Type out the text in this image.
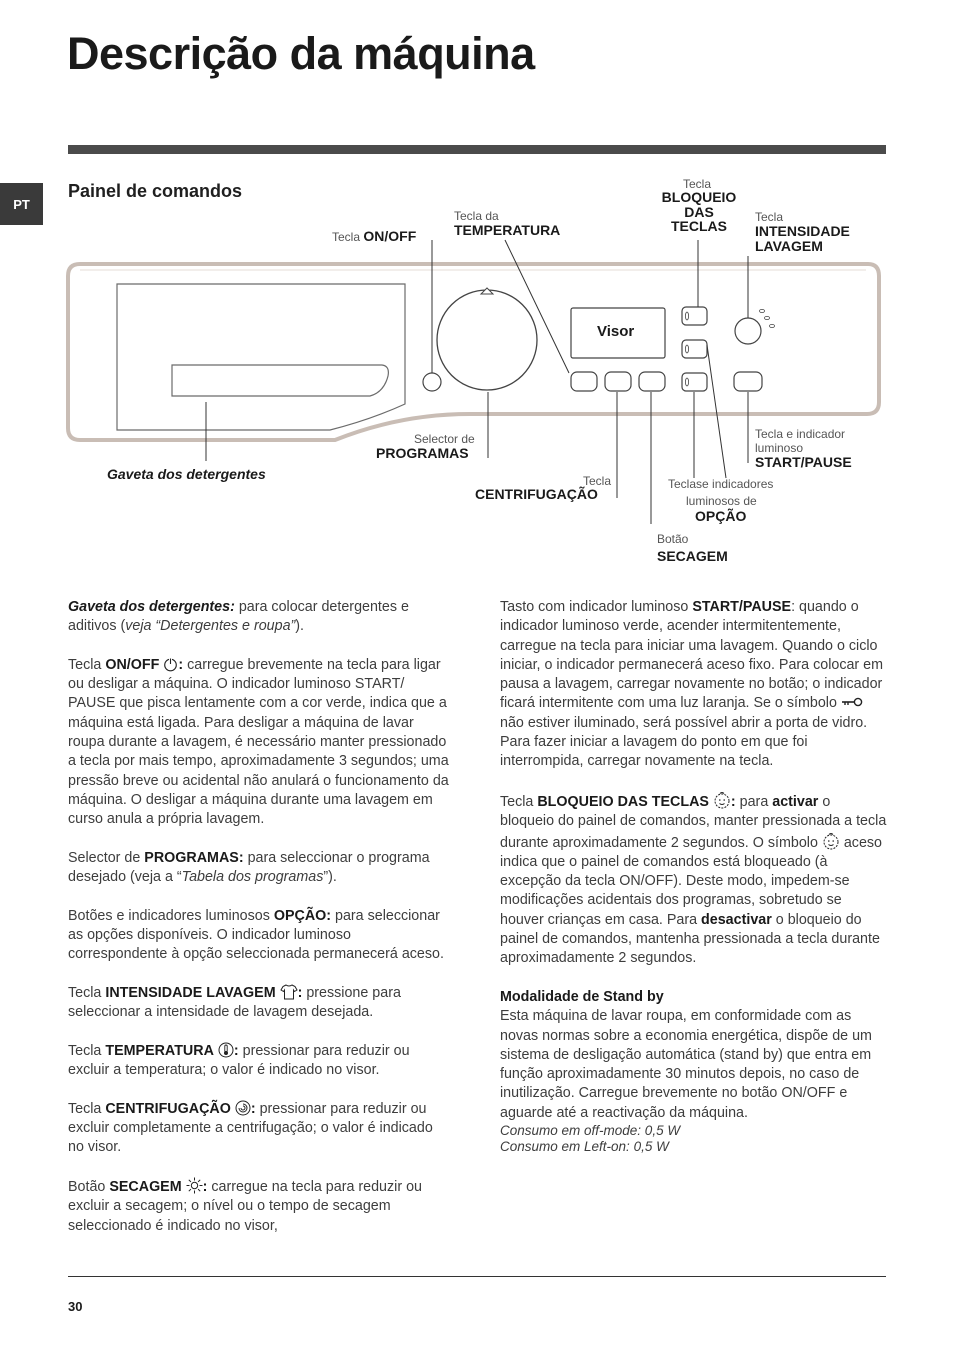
Descrição da máquina
PT
Painel de comandos
Tecla ON/OFF
Tecla da
TEMPERATURA
Tecla
BLOQUEIO
DAS
TECLAS
Tecla
INTENSIDADE
LAVAGEM
Visor
Selector de
PROGRAMAS
Gaveta dos detergentes	Tecla
CENTRIFUGAÇÃO
Teclase indicadores
luminosos de
OPÇÃO
Tecla e indicador
luminoso
START/PAUSE
Botão
SECAGEM

Gaveta dos detergentes: para colocar detergentes e aditivos (veja “Detergentes e roupa”).

Tecla ON/OFF : carregue brevemente na tecla para ligar ou desligar a máquina. O indicador luminoso START/ PAUSE que pisca lentamente com a cor verde, indica que a máquina está ligada. Para desligar a máquina de lavar roupa durante a lavagem, é necessário manter pressionado a tecla por mais tempo, aproximadamente 3 segundos; uma pressão breve ou acidental não anulará o funcionamento da máquina. O desligar a máquina durante uma lavagem em curso anula a própria lavagem.

Selector de PROGRAMAS: para seleccionar o programa desejado (veja a “Tabela dos programas”).

Botões e indicadores luminosos OPÇÃO: para seleccionar as opções disponíveis. O indicador luminoso correspondente à opção seleccionada permanecerá aceso.

Tecla INTENSIDADE LAVAGEM : pressione para seleccionar a intensidade de lavagem desejada.

Tecla TEMPERATURA : pressionar para reduzir ou excluir a temperatura; o valor é indicado no visor.

Tecla CENTRIFUGAÇÃO : pressionar para reduzir ou excluir completamente a centrifugação; o valor é indicado no visor.

Botão SECAGEM : carregue na tecla para reduzir ou excluir a secagem; o nível ou o tempo de secagem seleccionado é indicado no visor,

Tasto com indicador luminoso START/PAUSE: quando o indicador luminoso verde, acender intermitentemente, carregue na tecla para iniciar uma lavagem. Quando o ciclo iniciar, o indicador permanecerá aceso fixo. Para colocar em pausa a lavagem, carregar novamente no botão; o indicador ficará intermitente com uma luz laranja. Se o símbolo  não estiver iluminado, será possível abrir a porta de vidro. Para fazer iniciar a lavagem do ponto em que foi interrompida, carregar novamente na tecla.

Tecla BLOQUEIO DAS TECLAS : para activar o bloqueio do painel de comandos, manter pressionada a tecla durante aproximadamente 2 segundos. O símbolo  aceso indica que o painel de comandos está bloqueado (à excepção da tecla ON/OFF). Deste modo, impedem-se modificações acidentais dos programas, sobretudo se houver crianças em casa. Para desactivar o bloqueio do painel de comandos, mantenha pressionada a tecla durante aproximadamente 2 segundos.

Modalidade de Stand by
Esta máquina de lavar roupa, em conformidade com as novas normas sobre a economia energética, dispõe de um sistema de desligação automática (stand by) que entra em função aproximadamente 30 minutos depois, no caso de inutilização. Carregue brevemente no botão ON/OFF e aguarde até a reactivação da máquina.
Consumo em off-mode: 0,5 W
Consumo em Left-on: 0,5 W
30
